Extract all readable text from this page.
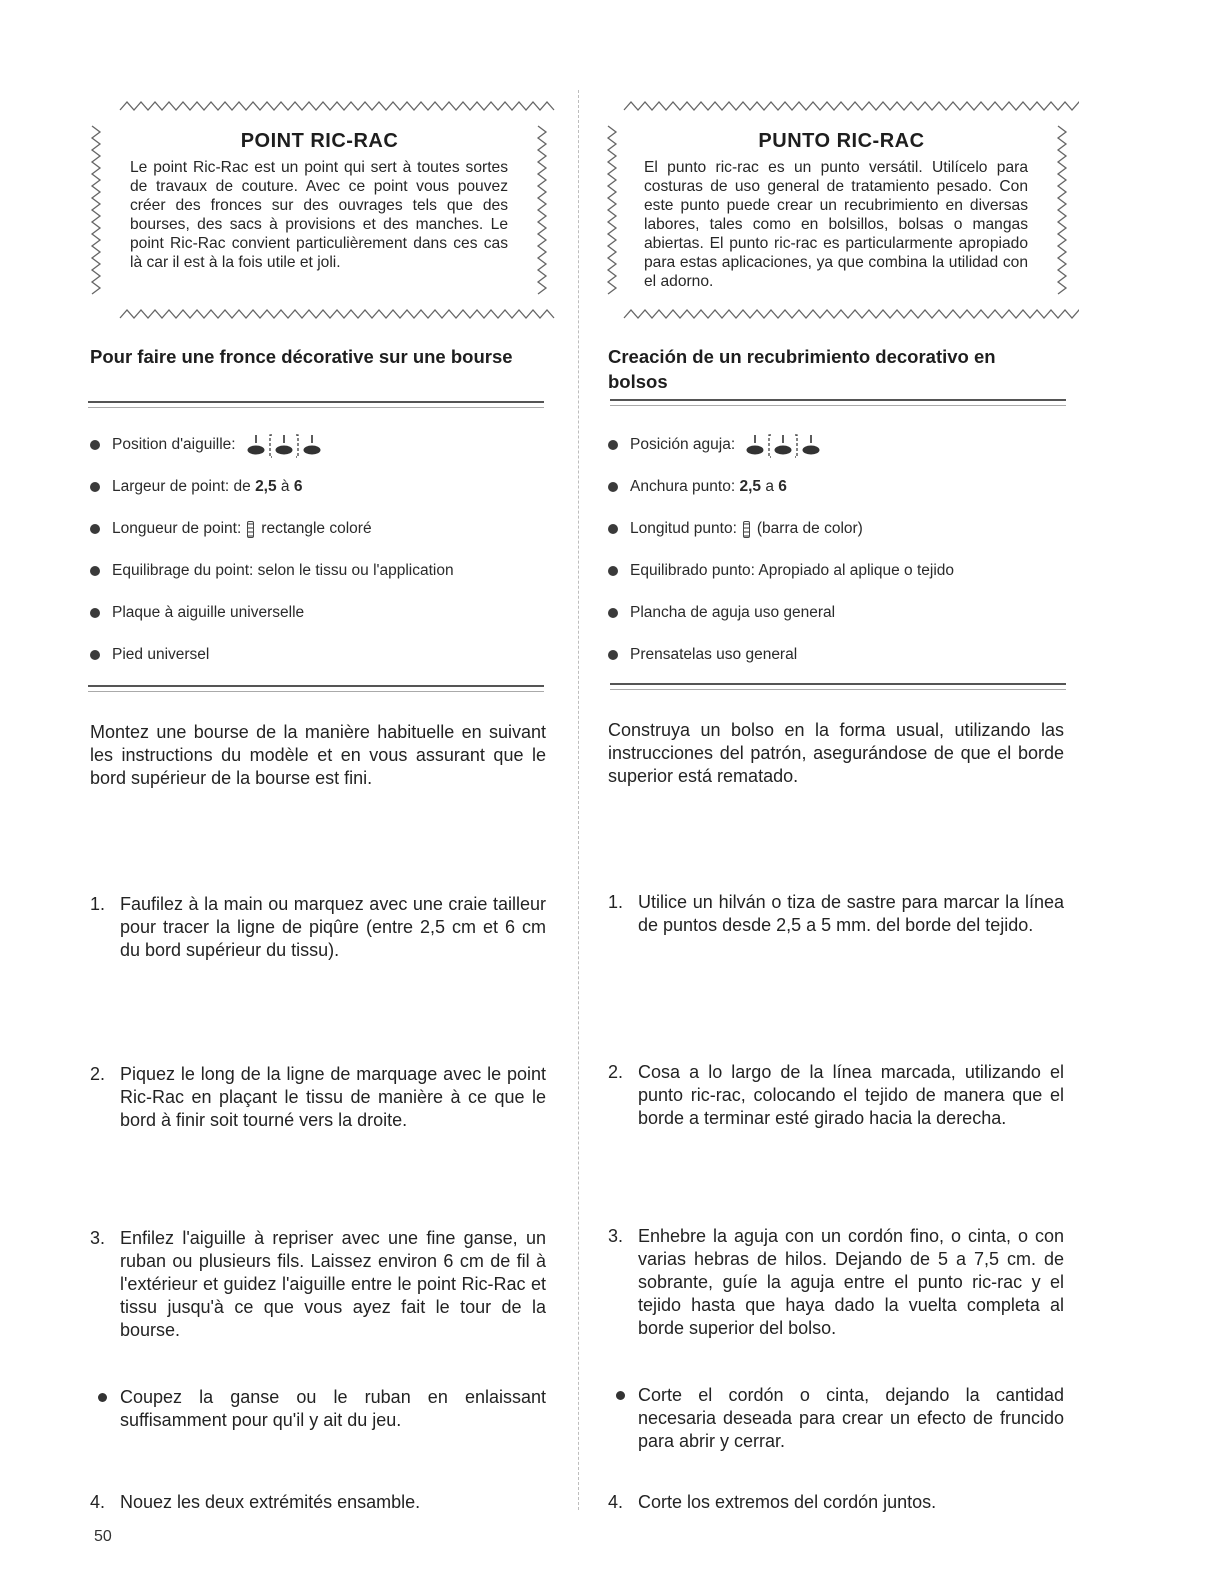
POINT RIC-RAC
Le point Ric-Rac est un point qui sert à toutes sortes de travaux de couture. Avec ce point vous pouvez créer des fronces sur des ouvrages tels que des bourses, des sacs à provisions et des manches. Le point Ric-Rac convient particulièrement dans ces cas là car il est à la fois utile et joli.
Pour faire une fronce décorative sur une bourse
Position d'aiguille:
Largeur de point: de
2,5 à 6
Longueur de point: rectangle coloré
Equilibrage du point: selon le tissu ou l'application
Plaque à aiguille universelle
Pied universel
Montez une bourse de la manière habituelle en suivant les instructions du modèle et en vous assurant que le bord supérieur de la bourse est fini.
1. Faufilez à la main ou marquez avec une craie tailleur pour tracer la ligne de piqûre (entre 2,5 cm et 6 cm du bord supérieur du tissu).
2. Piquez le long de la ligne de marquage avec le point Ric-Rac en plaçant le tissu de manière à ce que le bord à finir soit tourné vers la droite.
3. Enfilez l'aiguille à repriser avec une fine ganse, un ruban ou plusieurs fils. Laissez environ 6 cm de fil à l'extérieur et guidez l'aiguille entre le point Ric-Rac et tissu jusqu'à ce que vous ayez fait le tour de la bourse.
Coupez la ganse ou le ruban en enlaissant suffisamment pour qu'il y ait du jeu.
4. Nouez les deux extrémités ensamble.
PUNTO RIC-RAC
El punto ric-rac es un punto versátil. Utilícelo para costuras de uso general de tratamiento pesado. Con este punto puede crear un recubrimiento en diversas labores, tales como en bolsillos, bolsas o mangas abiertas. El punto ric-rac es particularmente apropiado para estas aplicaciones, ya que combina la utilidad con el adorno.
Creación de un recubrimiento decorativo en bolsos
Posición aguja:
Anchura punto:
2,5 a 6
Longitud punto: (barra de color)
Equilibrado punto: Apropiado al aplique o tejido
Plancha de aguja uso general
Prensatelas uso general
Construya un bolso en la forma usual, utilizando las instrucciones del patrón, asegurándose de que el borde superior está rematado.
1. Utilice un hilván o tiza de sastre para marcar la línea de puntos desde 2,5 a 5 mm. del borde del tejido.
2. Cosa a lo largo de la línea marcada, utilizando el punto ric-rac, colocando el tejido de manera que el borde a terminar esté girado hacia la derecha.
3. Enhebre la aguja con un cordón fino, o cinta, o con varias hebras de hilos. Dejando de 5 a 7,5 cm. de sobrante, guíe la aguja entre el punto ric-rac y el tejido hasta que haya dado la vuelta completa al borde superior del bolso.
Corte el cordón o cinta, dejando la cantidad necesaria deseada para crear un efecto de fruncido para abrir y cerrar.
4. Corte los extremos del cordón juntos.
50
